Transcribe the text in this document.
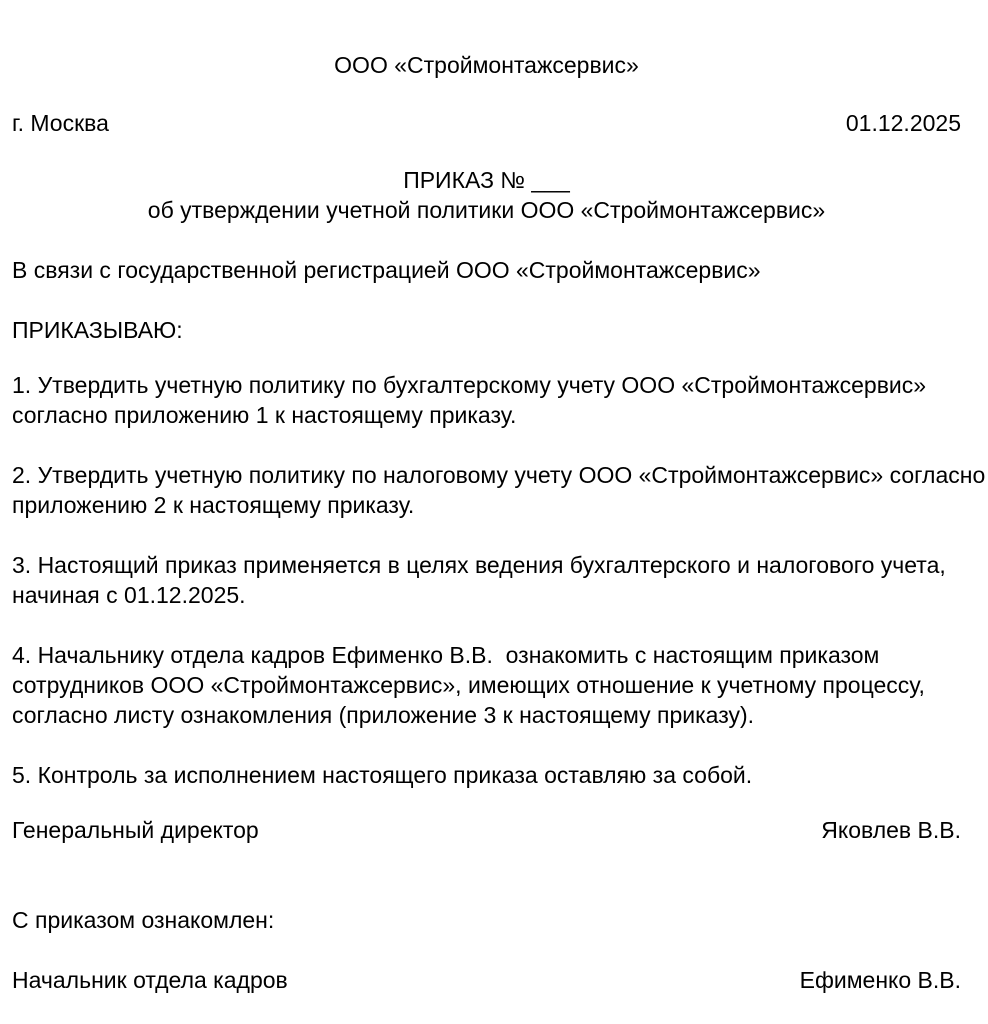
ООО «Строймонтажсервис»
г. Москва	01.12.2025
ПРИКАЗ № ___
об утверждении учетной политики ООО «Строймонтажсервис»
В связи с государственной регистрацией ООО «Строймонтажсервис»
ПРИКАЗЫВАЮ:
1. Утвердить учетную политику по бухгалтерскому учету ООО «Строймонтажсервис»
согласно приложению 1 к настоящему приказу.
2. Утвердить учетную политику по налоговому учету ООО «Строймонтажсервис» согласно
приложению 2 к настоящему приказу.
3. Настоящий приказ применяется в целях ведения бухгалтерского и налогового учета,
начиная с 01.12.2025.
4. Начальнику отдела кадров Ефименко В.В.  ознакомить с настоящим приказом
сотрудников ООО «Строймонтажсервис», имеющих отношение к учетному процессу,
согласно листу ознакомления (приложение 3 к настоящему приказу).
5. Контроль за исполнением настоящего приказа оставляю за собой.
Генеральный директор	Яковлев В.В.
С приказом ознакомлен:
Начальник отдела кадров	Ефименко В.В.
